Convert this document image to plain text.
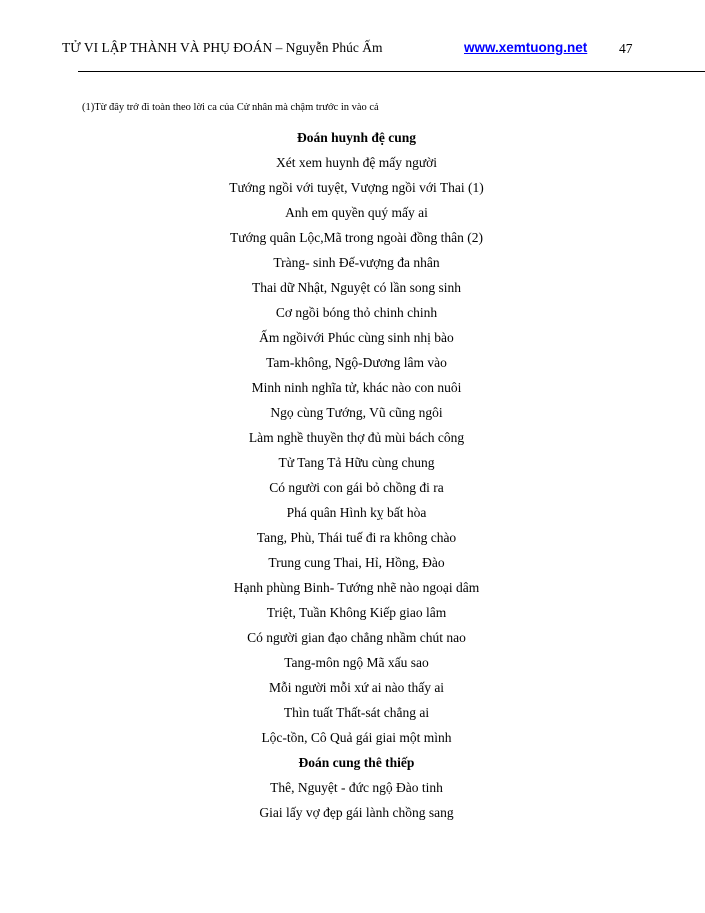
TỬ VI LẬP THÀNH VÀ PHỤ ĐOÁN – Nguyễn Phúc Ấm	www.xemtuong.net 47
(1)Từ đây trở đi toàn theo lời ca của Cử nhân mà chậm trước in vào cả
Đoán huynh đệ cung
Xét xem huynh đệ mấy người
Tướng ngồi với tuyệt, Vượng ngồi với Thai (1)
Anh em quyền quý mấy ai
Tướng quân Lộc,Mã trong ngoài đồng thân (2)
Tràng- sinh Đế-vượng đa nhân
Thai dữ Nhật, Nguyệt có lần song sinh
Cơ ngồi bóng thỏ chinh chinh
Ấm ngồivới Phúc cùng sinh nhị bào
Tam-không, Ngộ-Dương lâm vào
Minh ninh nghĩa tử, khác nào con nuôi
Ngọ cùng Tướng, Vũ cũng ngôi
Làm nghề thuyền thợ đủ mùi bách công
Tử Tang Tả Hữu cùng chung
Có người con gái bỏ chồng đi ra
Phá quân Hình kỵ bất hòa
Tang, Phù, Thái tuế đi ra không chào
Trung cung Thai, Hỉ, Hồng, Đào
Hạnh phùng Binh- Tướng nhẽ nào ngoại dâm
Triệt, Tuần Không Kiếp giao lâm
Có người gian đạo chẳng nhầm chút nao
Tang-môn ngộ Mã xấu sao
Mỗi người mỗi xứ ai nào thấy ai
Thìn tuất Thất-sát chẳng ai
Lộc-tồn, Cô Quả gái giai một mình
Đoán cung thê thiếp
Thê, Nguyệt - đức ngộ Đào tinh
Giai lấy vợ đẹp gái lành chồng sang
